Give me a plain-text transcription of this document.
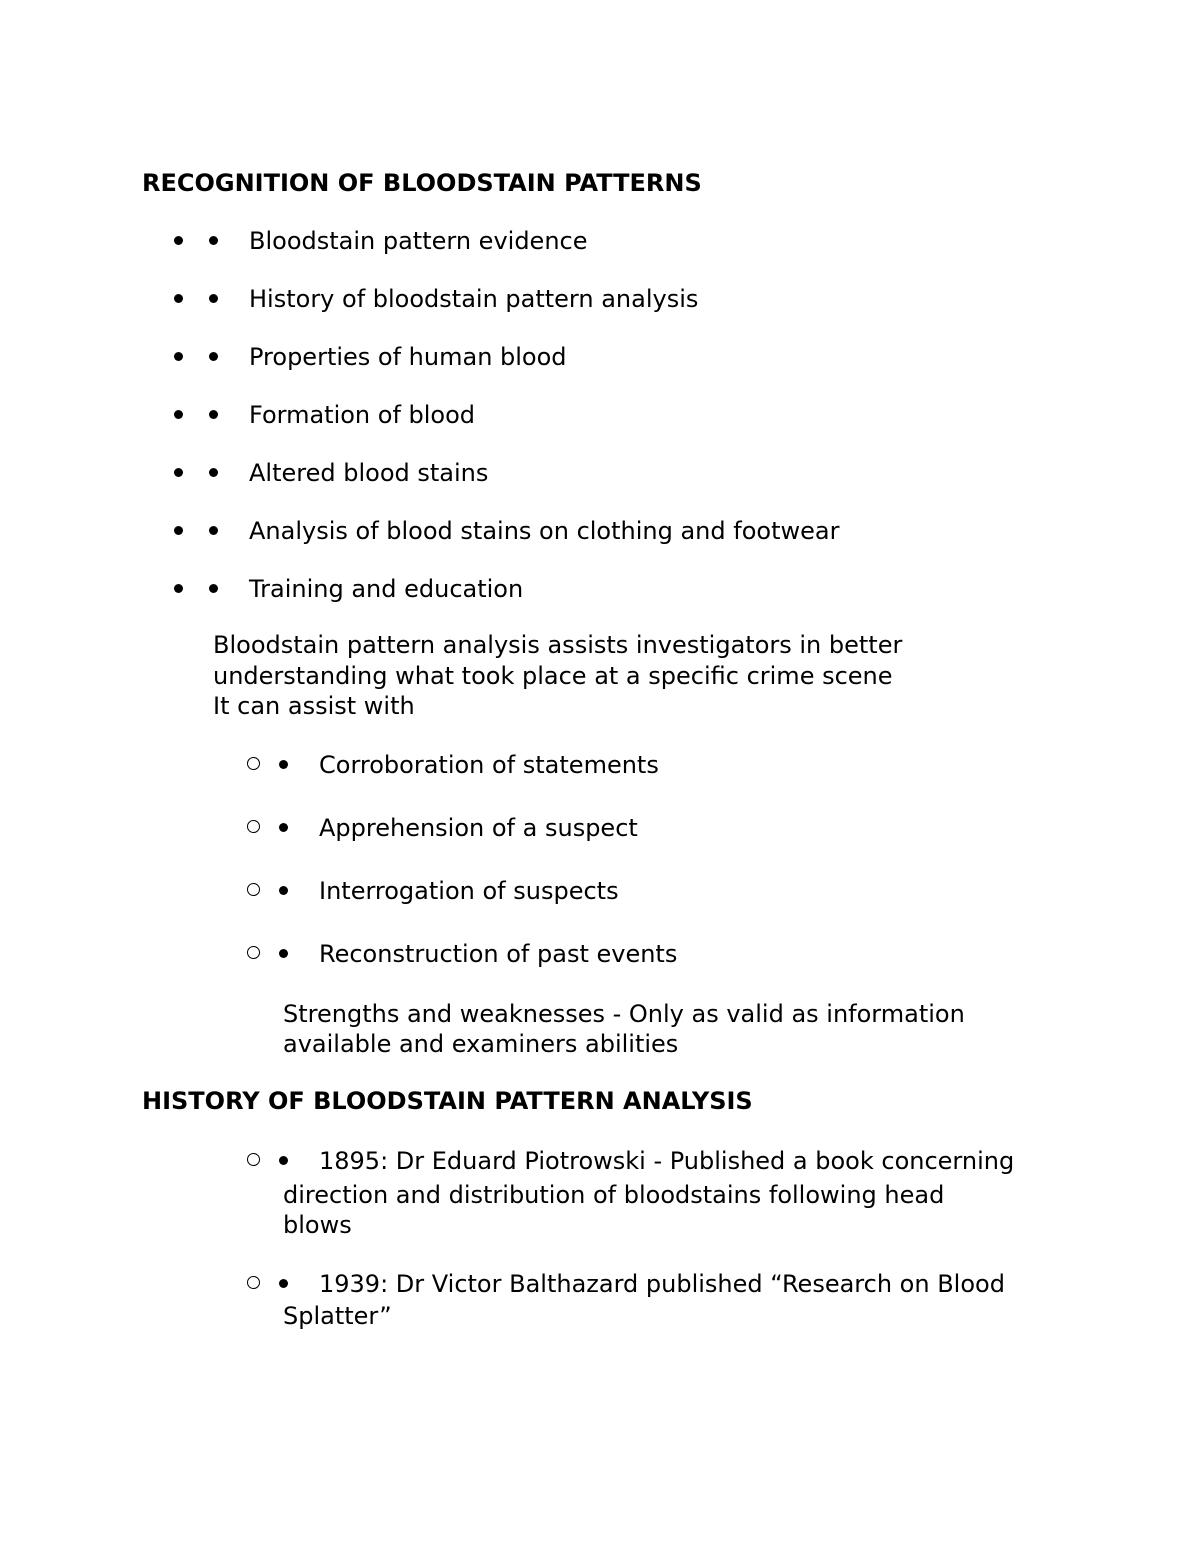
RECOGNITION OF BLOODSTAIN PATTERNS
Bloodstain pattern evidence
History of bloodstain pattern analysis
Properties of human blood
Formation of blood
Altered blood stains
Analysis of blood stains on clothing and footwear
Training and education
Bloodstain pattern analysis assists investigators in better
understanding what took place at a specific crime scene
It can assist with
Corroboration of statements
Apprehension of a suspect
Interrogation of suspects
Reconstruction of past events
Strengths and weaknesses - Only as valid as information
available and examiners abilities
HISTORY OF BLOODSTAIN PATTERN ANALYSIS
1895: Dr Eduard Piotrowski - Published a book concerning
direction and distribution of bloodstains following head
blows
1939: Dr Victor Balthazard published “Research on Blood
Splatter”
